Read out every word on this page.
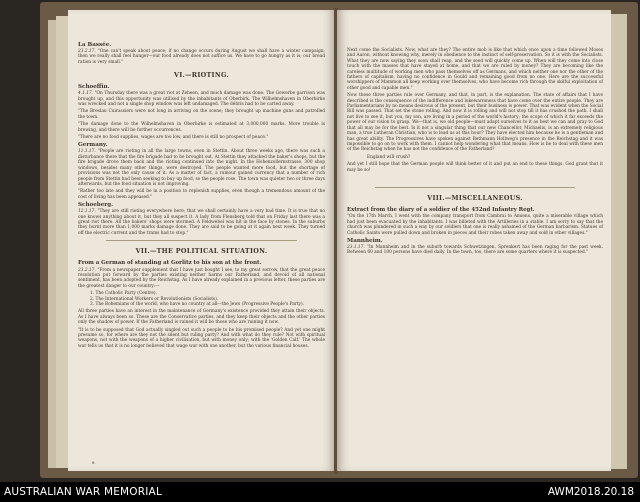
La Bassée.

23.2.17. "One can't speak about peace; if no change occurs during August we shall have a winter campaign; then we really shall feel hunger—our food already does not suffice us. We have to go hungry as it is; our bread ration is very small."

VI.—RIOTING.
Schoeffin.

4.1.17. "On Thursday there was a great riot at Zeheen, and much damage was done. The Gewerbe garrison was brought up, and this opportunity was utilised by the inhabitants of Oberbirk. The Wilhelmshaven in Oberbirke was wrecked and not a single shop window was left undamaged. The débris had to be carted away.

"The Breslau Cuirassiers were not long in arriving on the scene; they brought up machine guns and patrolled the town.

"The damage done to the Wilhelmshaven in Oberbirke is estimated at 3,000,000 marks. More trouble is brewing, and there will be further occurrences.

"There are no food supplies, wages are too low, and there is still no prospect of peace."

Germany.

11.1.17. "People are rioting in all the large towns, even in Stettin. About three weeks ago, there was such a disturbance there that the fire brigade had to be brought out. At Stettin they attacked the baker's shops, but the fire brigade drove them back and the rioting continued into the night. In the Hohenzollernstrasse, 300 shop windows, besides many other things, were destroyed. The people wanted more food, but the shortage of provisions was not the only cause of it. As a matter of fact, a rumour gained currency that a number of rich people from Stettin had been seeking to buy up food, so the people rose. The town was quieter two or three days afterwards, but the food situation is not improving.

"Rather too late and they will be in a position to replenish supplies, even though a tremendous amount of the cost of living has been appeased."

Schoeberg.

12.1.17. "They are still rioting everywhere here; that we shall certainly have a very bad time. It is true that no one knows anything about it, but they all suspect it. A lady from Flensberg told that on Friday last there was a great riot there. All the bakers' shops were stormed. A Feldwebel was hit in the face by stones. In the suburbs they burnt more than 1,000 marks damage done. They are said to be going at it again next week. They turned off the electric current and the trams had to stop."

VII.—THE POLITICAL SITUATION.
From a German of standing at Gorlitz to his son at the front.

23.2.17. "From a newspaper supplement that I have just bought I see, to my great sorrow, that the great peace resolution put forward by the parties existing neither harms our Fatherland, and devoid of all national sentiment, has been adopted by the Reichstag. As I have already explained in a previous letter, these parties are the greatest danger to our country:—

1. The Catholic Party (Centre).

2. The International Workers or Revolutionists (Socialists).

3. The Bohemians of the world, who have no country at all—the Jews (Progressive People's Party).

All three parties have an interest in the maintenance of Germany's existence provided they attain their objects. As I have always been so. These are the Conservative parties, and they keep their objects and the other parties only the shadow of power. If the Fatherland is ruined it will be those who are ruining it now.

"It is to be supposed that God actually singled out such a people to be his promised people? And yet one might presume so, for where are they not the silent but ruling party? And with what do they rule? Not with spiritual weapons, not with the weapons of a higher civilisation, but with money only; with the 'Golden Calf.' The whole war tells us that it is no longer believed that wage war with one another, but the various financial houses.

8

Next come the Socialists. Now, what are they? The entire mob is like that which once upon a time followed Moses and Aaron, without knowing why, merely in obedience to the instinct of self-preservation. So it is with the Socialists. What they are now saying they soon shall reap, and the seed will quickly come up. When will they come into close touch with the masses that have stayed at home, and that we are ruled by money? They are becoming like the careless multitude of working men who pass themselves off as Germans, and which neither one nor the other of the fathers of capitalism, having no confidence in Gould and remaining good from no one. Here are the successful worshippers of Mammon all keep working over themselves, who have become rich through the skilful exploitation of other good and capable men."

Now these three parties rule over Germany, and that, in part, is the explanation. The state of affairs that I have described is the consequence of the indifference and lukewarmness that have come over the entire people. They are Parliamentarians by no means desirous of the present, but their business is power. That was evident when the Social Bill was passed. That set the stone rolling. And now it is rolling and will not stop till it has crushed the path. I shall not live to see it, but you, my son, are living in a period of the world's history; the scope of which it far exceeds the power of our vision to grasp. We—that is, we old people—must adapt ourselves to it as best we can and pray to God that all may be for the best. Is it not a singular thing that our new Chancellor, Michaelis, is an extremely religious man, a true Lutheran Christian, who is to lead us at this hour? They have elected him because he is a gentleman and has great ability. The Progressives have spoken against Bethmann Hollweg's presence in the Reichstag and it was impossible to go on to work with them. I cannot help wondering what that means. How is he to deal with these men of the Reichstag when he has not the confidence of the Fatherland?

England will crush?

And yet I still hope that the German people will think better of it and put an end to these things. God grant that it may be so!

VIII.—MISCELLANEOUS.
Extract from the diary of a soldier of the 452nd Infantry Regt.

"On the 17th March, I went with the company transport from Cambrai to Amiens, quite a miserable village which had just been evacuated by the inhabitants. I was billeted with the Artilleries in a stable. I am sorry to say that the church was plundered in such a way by our soldiers that one is really ashamed of the German barbarism. Statues of Catholic Saints were pulled down and broken in pieces and their robes taken away and sold in other villages."

Mannheim.

23.1.17. "In Mannheim and in the suburb towards Schwetzingen, Sprenkert has been raging for the past week. Between 60 and 100 persons have died daily. In the town, too, there are some quarters where it is suspected."

AUSTRALIAN WAR MEMORIAL	AWM2018.20.18
